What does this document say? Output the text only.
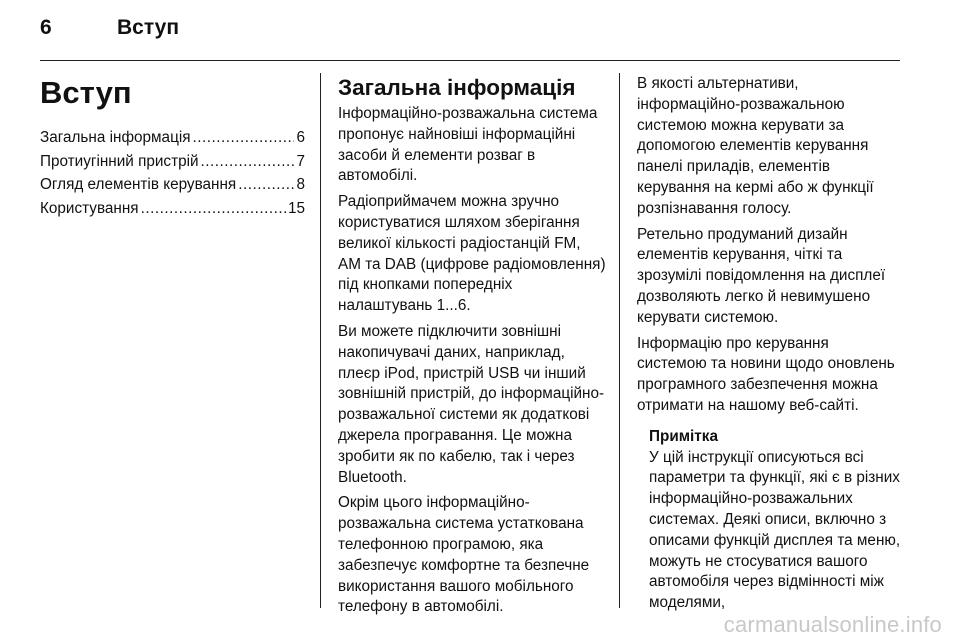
6	Вступ
Вступ
Загальна інформація .....	6
Протиугінний пристрій .....	7
Огляд елементів керування .....	8
Користування .....	15
Загальна інформація

Інформаційно-розважальна система пропонує найновіші інформаційні засоби й елементи розваг в автомобілі.

Радіоприймачем можна зручно користуватися шляхом зберігання великої кількості радіостанцій FM, AM та DAB (цифрове радіомовлення) під кнопками попередніх налаштувань 1...6.

Ви можете підключити зовнішні накопичувачі даних, наприклад, плеєр iPod, пристрій USB чи інший зовнішній пристрій, до інформаційно-розважальної системи як додаткові джерела програвання. Це можна зробити як по кабелю, так і через Bluetooth.

Окрім цього інформаційно-розважальна система устаткована телефонною програмою, яка забезпечує комфортне та безпечне використання вашого мобільного телефону в автомобілі.

В якості альтернативи, інформаційно-розважальною системою можна керувати за допомогою елементів керування панелі приладів, елементів керування на кермі або ж функції розпізнавання голосу.

Ретельно продуманий дизайн елементів керування, чіткі та зрозумілі повідомлення на дисплеї дозволяють легко й невимушено керувати системою.

Інформацію про керування системою та новини щодо оновлень програмного забезпечення можна отримати на нашому веб-сайті.

Примітка
У цій інструкції описуються всі параметри та функції, які є в різних інформаційно-розважальних системах. Деякі описи, включно з описами функцій дисплея та меню, можуть не стосуватися вашого автомобіля через відмінності між моделями,
carmanualsonline.info
